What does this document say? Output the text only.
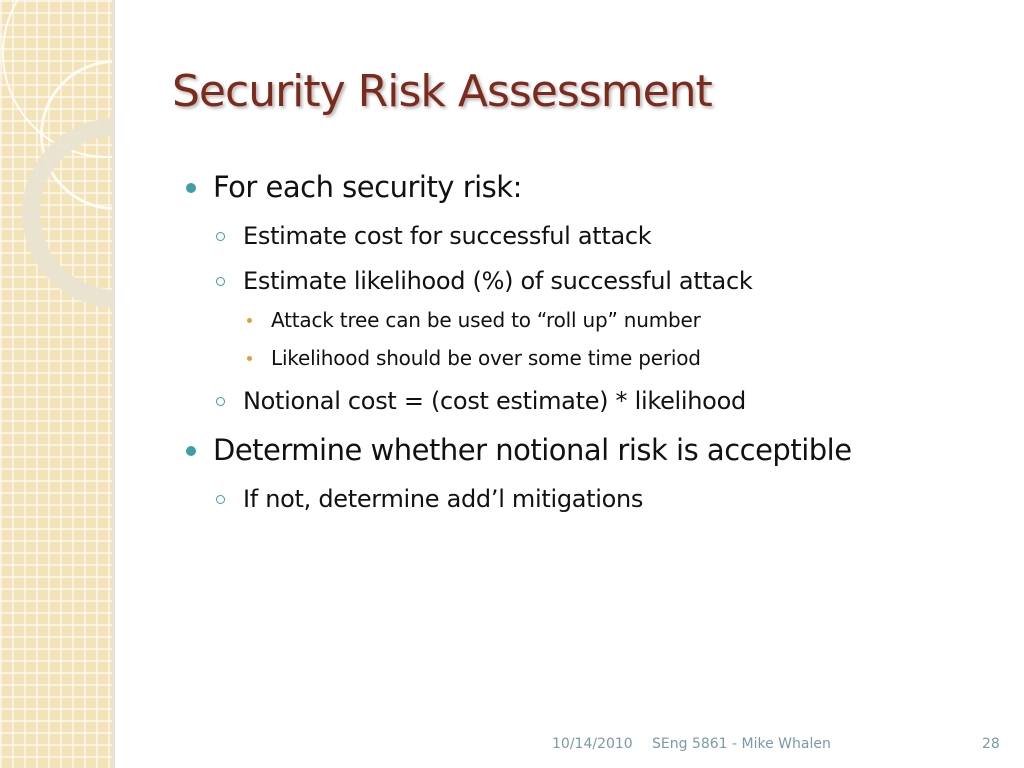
Security Risk Assessment

For each security risk:

Estimate cost for successful attack

Estimate likelihood (%) of successful attack

Attack tree can be used to “roll up” number

Likelihood should be over some time period

Notional cost = (cost estimate) * likelihood

Determine whether notional risk is acceptible

If not, determine add’l mitigations

10/14/2010 SEng 5861 - Mike Whalen	28
